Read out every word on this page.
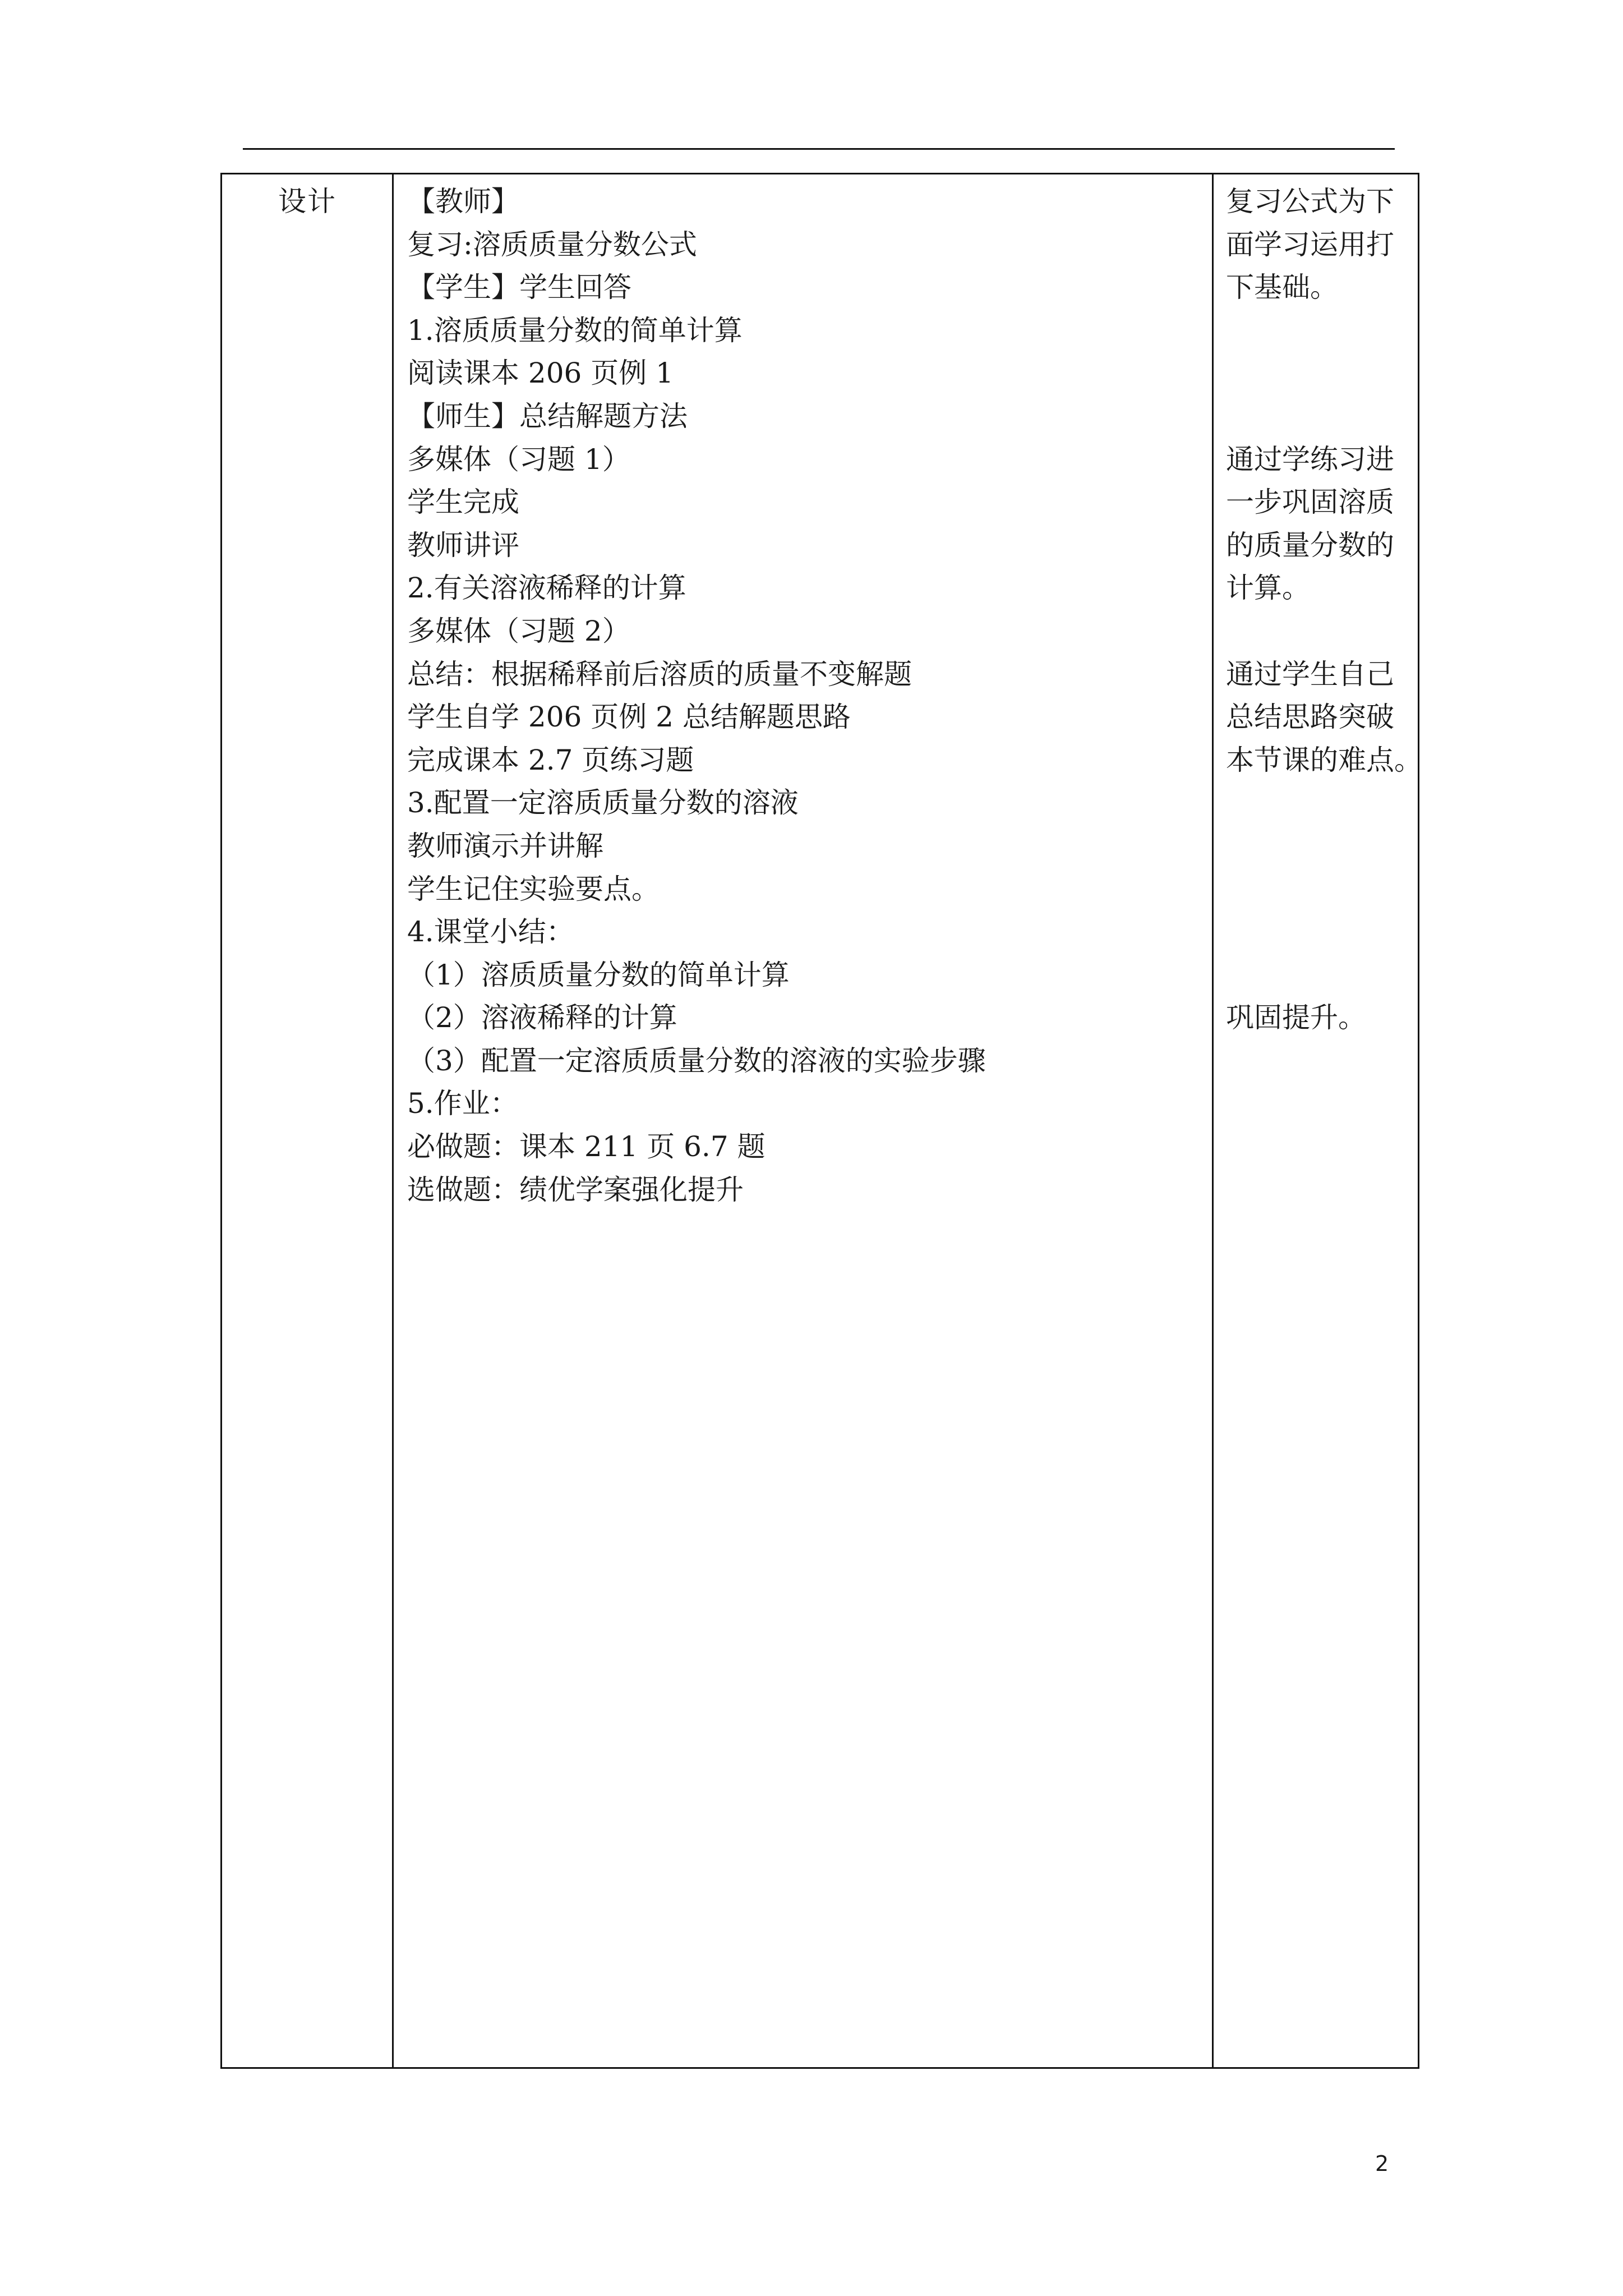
设计	【教师】
复习:溶质质量分数公式
【学生】学生回答
1.溶质质量分数的简单计算
阅读课本 206 页例 1
【师生】总结解题方法
多媒体（习题 1）
学生完成
教师讲评
2.有关溶液稀释的计算
多媒体（习题 2）
总结：根据稀释前后溶质的质量不变解题
学生自学 206 页例 2 总结解题思路
完成课本 2.7 页练习题
3.配置一定溶质质量分数的溶液
教师演示并讲解
学生记住实验要点。
4.课堂小结：
（1）溶质质量分数的简单计算
（2）溶液稀释的计算
（3）配置一定溶质质量分数的溶液的实验步骤
5.作业：
必做题：课本 211 页 6.7 题
选做题：绩优学案强化提升
复习公式为下
面学习运用打
下基础。
通过学练习进
一步巩固溶质
的质量分数的
计算。
通过学生自己
总结思路突破
本节课的难点。
巩固提升。
2
